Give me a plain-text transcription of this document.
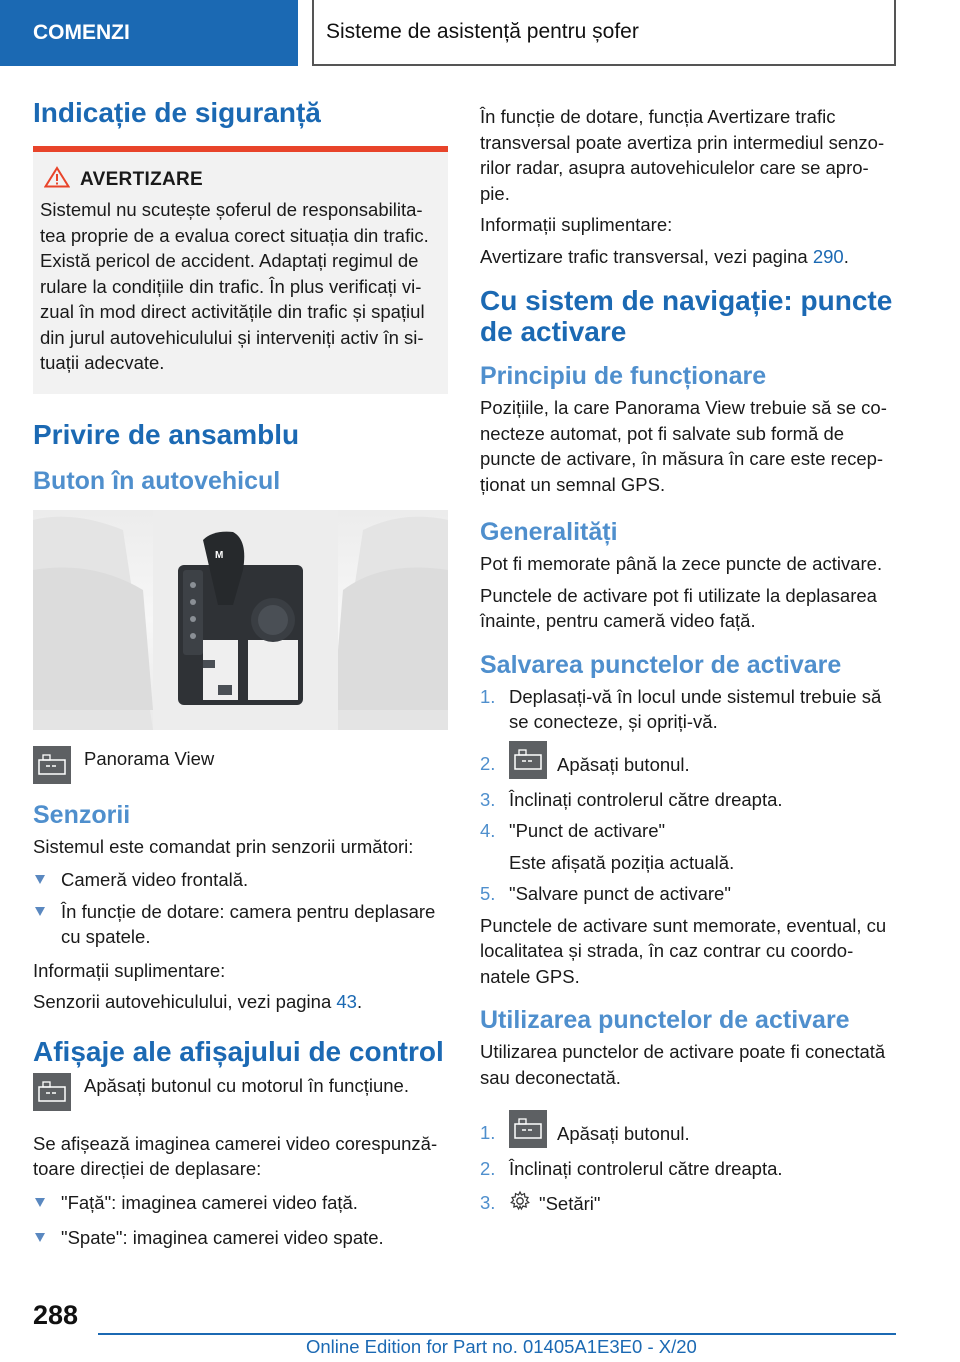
COMENZI	Sisteme de asistență pentru șofer
Indicație de siguranță
AVERTIZARE

Sistemul nu scutește șoferul de responsabilita-tea proprie de a evalua corect situația din trafic. Există pericol de accident. Adaptați regimul de rulare la condițiile din trafic. În plus verificați vi-zual în mod direct activitățile din trafic și spațiul din jurul autovehiculului și interveniți activ în si-tuații adecvate.

Privire de ansamblu
Buton în autovehicul
M

Panorama View

Senzorii

Sistemul este comandat prin senzorii următori:

Cameră video frontală.
În funcție de dotare: camera pentru deplasare cu spatele.

Informații suplimentare:

Senzorii autovehiculului, vezi pagina 43.

Afișaje ale afișajului de control

Apăsați butonul cu motorul în funcțiune.

Se afișează imaginea camerei video corespunză-toare direcției de deplasare:

"Față": imaginea camerei video față.
"Spate": imaginea camerei video spate.

În funcție de dotare, funcția Avertizare trafic transversal poate avertiza prin intermediul senzo-rilor radar, asupra autovehiculelor care se apro-pie.

Informații suplimentare:

Avertizare trafic transversal, vezi pagina 290.

Cu sistem de navigație: puncte de activare
Principiu de funcționare

Pozițiile, la care Panorama View trebuie să se co-necteze automat, pot fi salvate sub formă de puncte de activare, în măsura în care este recep-ționat un semnal GPS.

Generalități

Pot fi memorate până la zece puncte de activare.

Punctele de activare pot fi utilizate la deplasarea înainte, pentru cameră video față.

Salvarea punctelor de activare
1. Deplasați-vă în locul unde sistemul trebuie să se conecteze, și opriți-vă.
2.	Apăsați butonul.
3. Înclinați controlerul către dreapta.
4. "Punct de activare"
Este afișată poziția actuală.
5. "Salvare punct de activare"

Punctele de activare sunt memorate, eventual, cu localitatea și strada, în caz contrar cu coordo-natele GPS.

Utilizarea punctelor de activare

Utilizarea punctelor de activare poate fi conectată sau deconectată.

1.	Apăsați butonul.
2. Înclinați controlerul către dreapta.
3. "Setări"
288
Online Edition for Part no. 01405A1E3E0 - X/20
